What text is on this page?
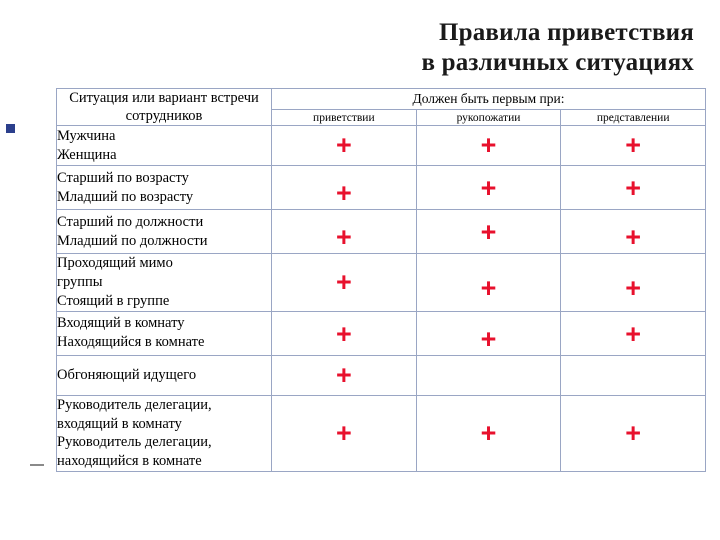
Правила приветствия
в различных ситуациях
Ситуация или вариант встречи сотрудников	Должен быть первым при:		
	приветствии	рукопожатии	представлении

Мужчина
Женщина	+	+	+

Старший по возрасту
Младший по возрасту	+	+	+

Старший по должности
Младший по должности	+	+	+

Проходящий мимо
группы
Стоящий в группе	+	+	+

Входящий в комнату
Находящийся в комнате	+	+	+

Обгоняющий идущего	+		

Руководитель делегации,
входящий в комнату
Руководитель делегации,
находящийся в комнате	+	+	+
